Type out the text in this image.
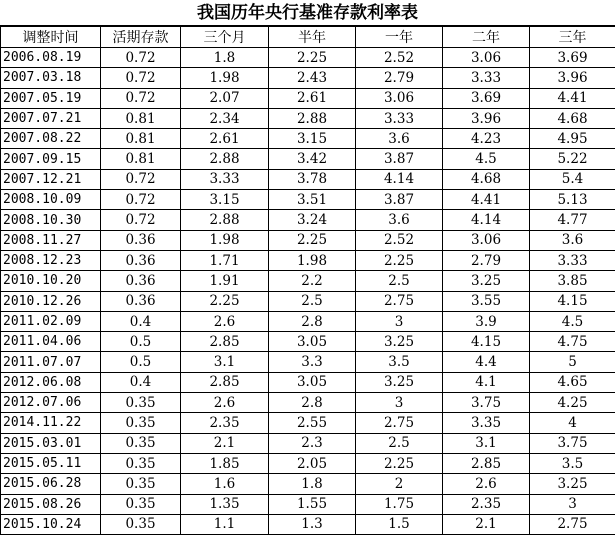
我国历年央行基准存款利率表
调整时间	活期存款	三个月	半年	一年	二年	三年	
2006.08.19	0.72	1.8	2.25	2.52	3.06	3.69	
2007.03.18	0.72	1.98	2.43	2.79	3.33	3.96	
2007.05.19	0.72	2.07	2.61	3.06	3.69	4.41	
2007.07.21	0.81	2.34	2.88	3.33	3.96	4.68	
2007.08.22	0.81	2.61	3.15	3.6	4.23	4.95	
2007.09.15	0.81	2.88	3.42	3.87	4.5	5.22	
2007.12.21	0.72	3.33	3.78	4.14	4.68	5.4	
2008.10.09	0.72	3.15	3.51	3.87	4.41	5.13	
2008.10.30	0.72	2.88	3.24	3.6	4.14	4.77	
2008.11.27	0.36	1.98	2.25	2.52	3.06	3.6	
2008.12.23	0.36	1.71	1.98	2.25	2.79	3.33	
2010.10.20	0.36	1.91	2.2	2.5	3.25	3.85	
2010.12.26	0.36	2.25	2.5	2.75	3.55	4.15	
2011.02.09	0.4	2.6	2.8	3	3.9	4.5	
2011.04.06	0.5	2.85	3.05	3.25	4.15	4.75	
2011.07.07	0.5	3.1	3.3	3.5	4.4	5	
2012.06.08	0.4	2.85	3.05	3.25	4.1	4.65	
2012.07.06	0.35	2.6	2.8	3	3.75	4.25	
2014.11.22	0.35	2.35	2.55	2.75	3.35	4	
2015.03.01	0.35	2.1	2.3	2.5	3.1	3.75	
2015.05.11	0.35	1.85	2.05	2.25	2.85	3.5	
2015.06.28	0.35	1.6	1.8	2	2.6	3.25	
2015.08.26	0.35	1.35	1.55	1.75	2.35	3	
2015.10.24	0.35	1.1	1.3	1.5	2.1	2.75	
